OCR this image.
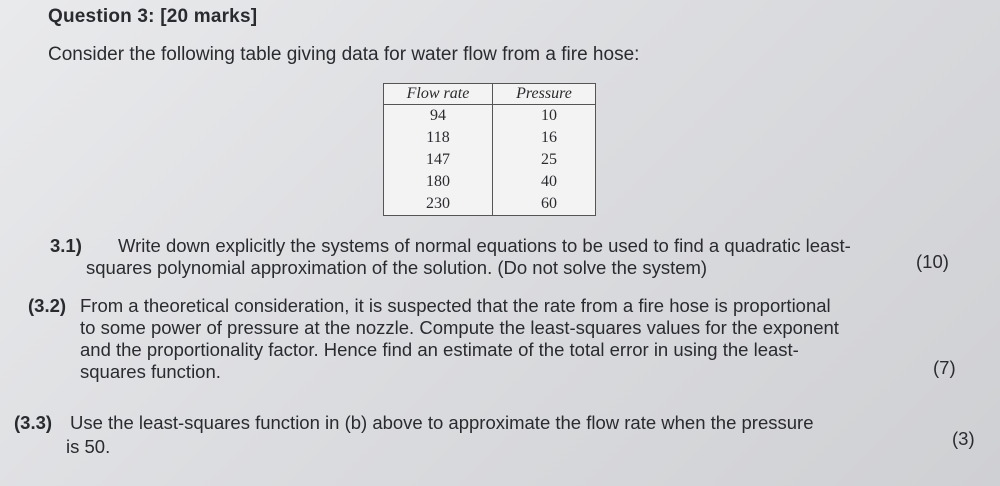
Question 3: [20 marks]
Consider the following table giving data for water flow from a fire hose:
Flow rate	Pressure
94	10
118	16
147	25
180	40
230	60
3.1) Write down explicitly the systems of normal equations to be used to find a quadratic least-
squares polynomial approximation of the solution. (Do not solve the system)	(10)
(3.2) From a theoretical consideration, it is suspected that the rate from a fire hose is proportional
to some power of pressure at the nozzle. Compute the least-squares values for the exponent
and the proportionality factor. Hence find an estimate of the total error in using the least-
squares function.	(7)
(3.3) Use the least-squares function in (b) above to approximate the flow rate when the pressure
is 50.	(3)
